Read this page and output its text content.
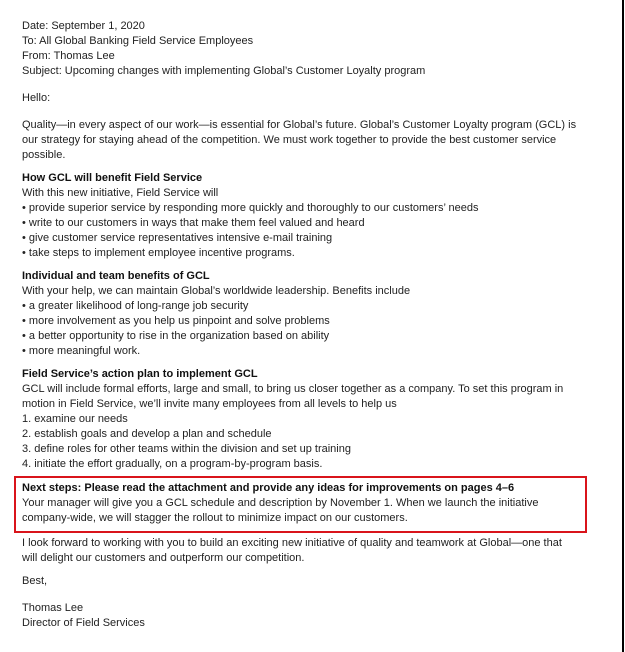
Date: September 1, 2020
To: All Global Banking Field Service Employees
From: Thomas Lee
Subject: Upcoming changes with implementing Global’s Customer Loyalty program
Hello:
Quality—in every aspect of our work—is essential for Global’s future. Global’s Customer Loyalty program (GCL) is
our strategy for staying ahead of the competition. We must work together to provide the best customer service
possible.
How GCL will benefit Field Service
With this new initiative, Field Service will
• provide superior service by responding more quickly and thoroughly to our customers’ needs
• write to our customers in ways that make them feel valued and heard
• give customer service representatives intensive e-mail training
• take steps to implement employee incentive programs.
Individual and team benefits of GCL
With your help, we can maintain Global’s worldwide leadership. Benefits include
• a greater likelihood of long-range job security
• more involvement as you help us pinpoint and solve problems
• a better opportunity to rise in the organization based on ability
• more meaningful work.
Field Service’s action plan to implement GCL
GCL will include formal efforts, large and small, to bring us closer together as a company. To set this program in
motion in Field Service, we’ll invite many employees from all levels to help us
1. examine our needs
2. establish goals and develop a plan and schedule
3. define roles for other teams within the division and set up training
4. initiate the effort gradually, on a program-by-program basis.
Next steps: Please read the attachment and provide any ideas for improvements on pages 4–6
Your manager will give you a GCL schedule and description by November 1. When we launch the initiative
company-wide, we will stagger the rollout to minimize impact on our customers.
I look forward to working with you to build an exciting new initiative of quality and teamwork at Global—one that
will delight our customers and outperform our competition.
Best,
Thomas Lee
Director of Field Services
